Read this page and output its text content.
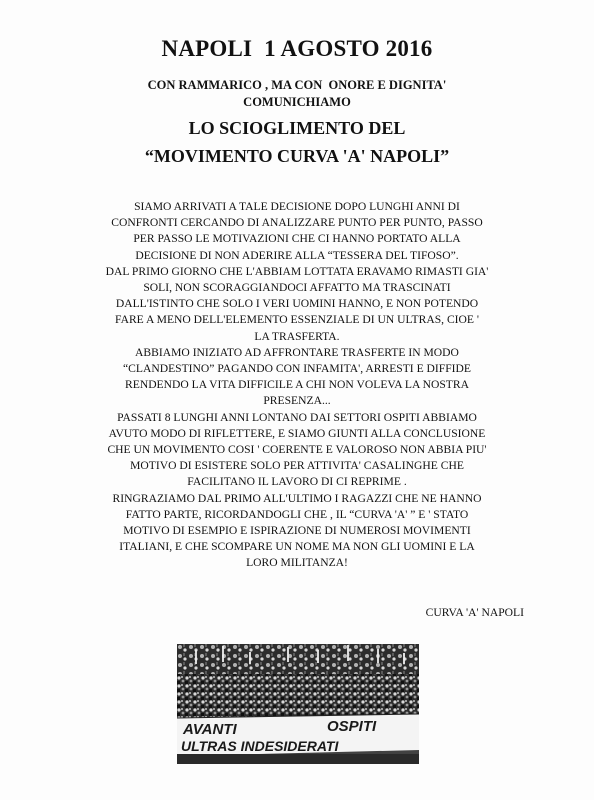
NAPOLI  1 AGOSTO 2016
CON RAMMARICO , MA CON  ONORE E DIGNITA'
COMUNICHIAMO
LO SCIOGLIMENTO DEL
“MOVIMENTO CURVA 'A' NAPOLI”
SIAMO ARRIVATI A TALE DECISIONE DOPO LUNGHI ANNI DI
CONFRONTI CERCANDO DI ANALIZZARE PUNTO PER PUNTO, PASSO
PER PASSO LE MOTIVAZIONI CHE CI HANNO PORTATO ALLA
DECISIONE DI NON ADERIRE ALLA “TESSERA DEL TIFOSO”.
DAL PRIMO GIORNO CHE L'ABBIAM LOTTATA ERAVAMO RIMASTI GIA'
SOLI, NON SCORAGGIANDOCI AFFATTO MA TRASCINATI
DALL'ISTINTO CHE SOLO I VERI UOMINI HANNO, E NON POTENDO
FARE A MENO DELL'ELEMENTO ESSENZIALE DI UN ULTRAS, CIOE '
LA TRASFERTA.
ABBIAMO INIZIATO AD AFFRONTARE TRASFERTE IN MODO
“CLANDESTINO” PAGANDO CON INFAMITA', ARRESTI E DIFFIDE
RENDENDO LA VITA DIFFICILE A CHI NON VOLEVA LA NOSTRA
PRESENZA...
PASSATI 8 LUNGHI ANNI LONTANO DAI SETTORI OSPITI ABBIAMO
AVUTO MODO DI RIFLETTERE, E SIAMO GIUNTI ALLA CONCLUSIONE
CHE UN MOVIMENTO COSI ' COERENTE E VALOROSO NON ABBIA PIU'
MOTIVO DI ESISTERE SOLO PER ATTIVITA' CASALINGHE CHE
FACILITANO IL LAVORO DI CI REPRIME .
RINGRAZIAMO DAL PRIMO ALL'ULTIMO I RAGAZZI CHE NE HANNO
FATTO PARTE, RICORDANDOGLI CHE , IL “CURVA 'A' ” E ' STATO
MOTIVO DI ESEMPIO E ISPIRAZIONE DI NUMEROSI MOVIMENTI
ITALIANI, E CHE SCOMPARE UN NOME MA NON GLI UOMINI E LA
LORO MILITANZA!
CURVA 'A' NAPOLI
AVANTI	OSPITI
ULTRAS INDESIDERATI
